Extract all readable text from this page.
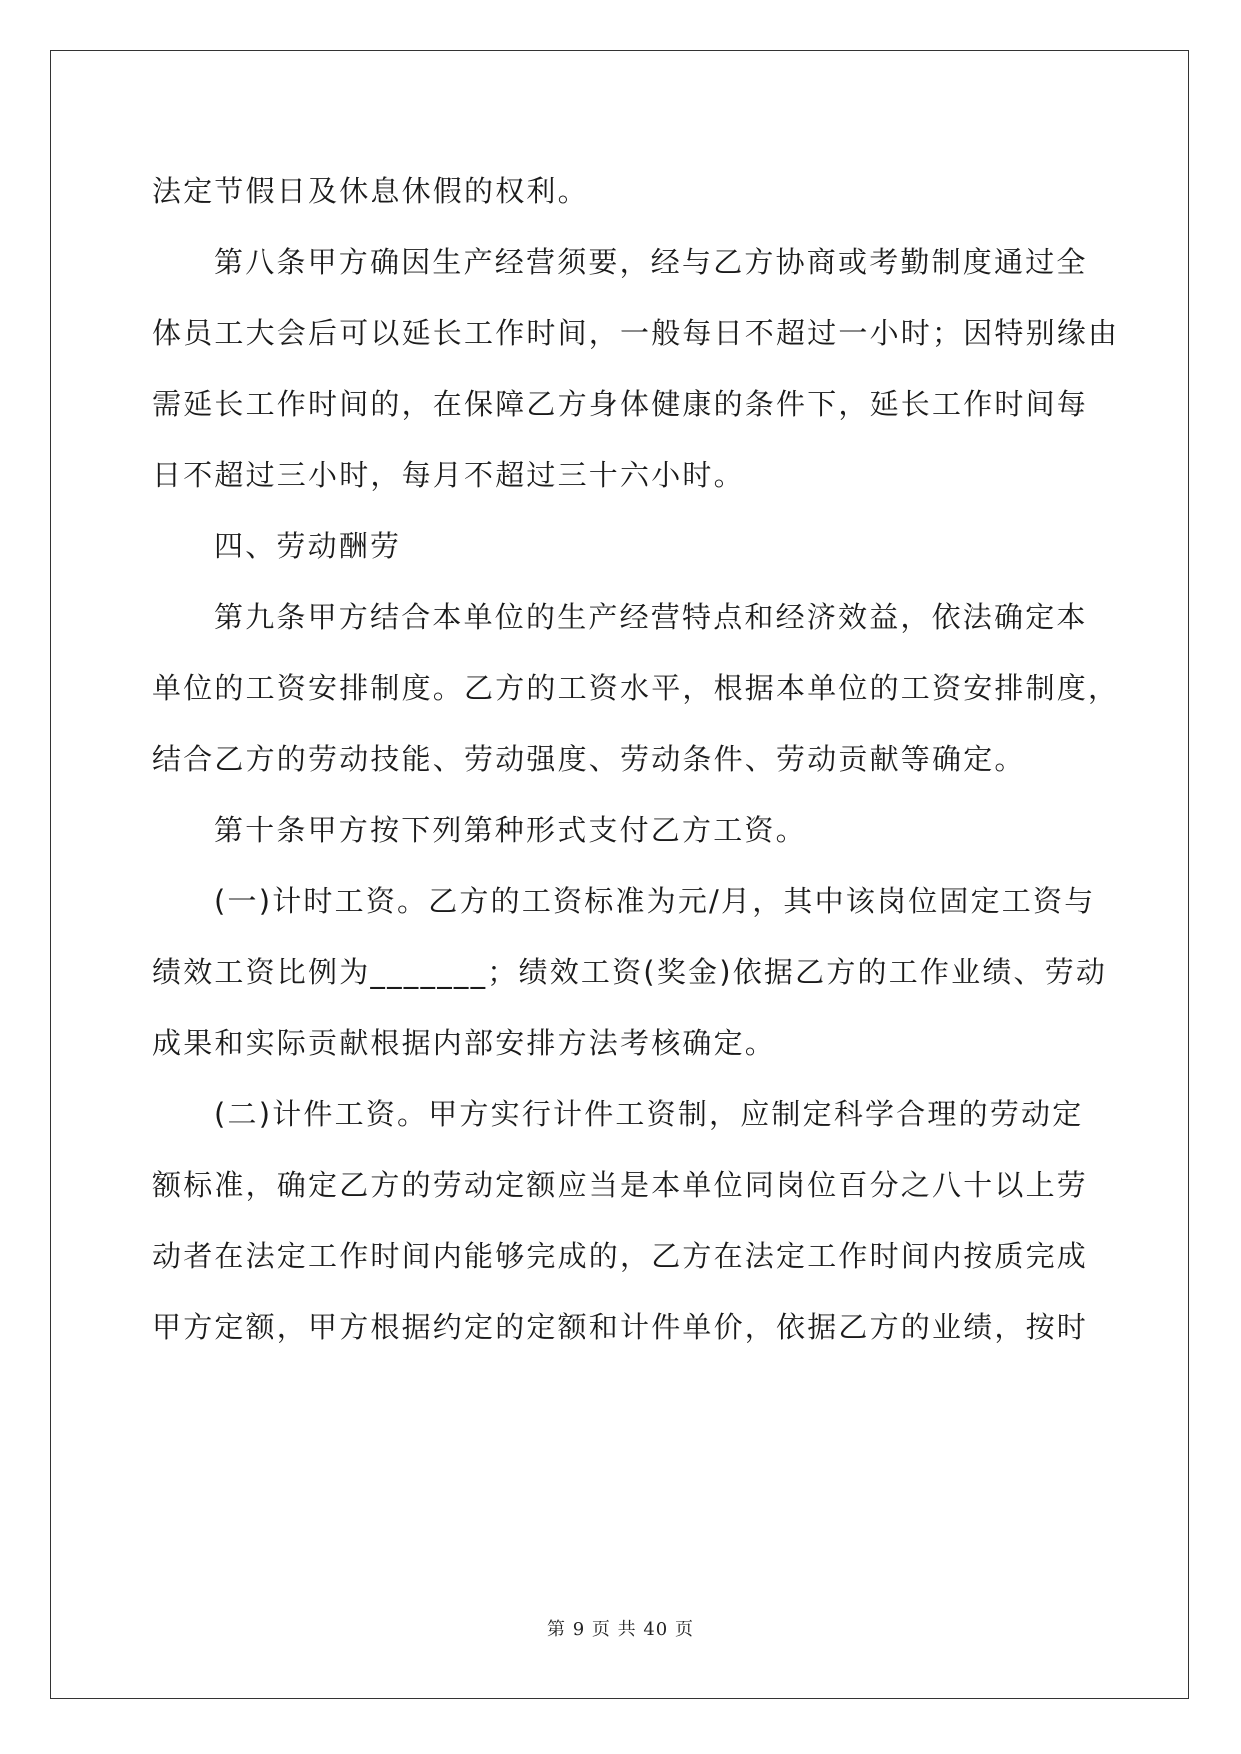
法定节假日及休息休假的权利。
第八条甲方确因生产经营须要，经与乙方协商或考勤制度通过全
体员工大会后可以延长工作时间，一般每日不超过一小时；因特别缘由
需延长工作时间的，在保障乙方身体健康的条件下，延长工作时间每
日不超过三小时，每月不超过三十六小时。
四、劳动酬劳
第九条甲方结合本单位的生产经营特点和经济效益，依法确定本
单位的工资安排制度。乙方的工资水平，根据本单位的工资安排制度，
结合乙方的劳动技能、劳动强度、劳动条件、劳动贡献等确定。
第十条甲方按下列第种形式支付乙方工资。
(一)计时工资。乙方的工资标准为元/月，其中该岗位固定工资与
绩效工资比例为_______；绩效工资(奖金)依据乙方的工作业绩、劳动
成果和实际贡献根据内部安排方法考核确定。
(二)计件工资。甲方实行计件工资制，应制定科学合理的劳动定
额标准，确定乙方的劳动定额应当是本单位同岗位百分之八十以上劳
动者在法定工作时间内能够完成的，乙方在法定工作时间内按质完成
甲方定额，甲方根据约定的定额和计件单价，依据乙方的业绩，按时
第 9 页 共 40 页
